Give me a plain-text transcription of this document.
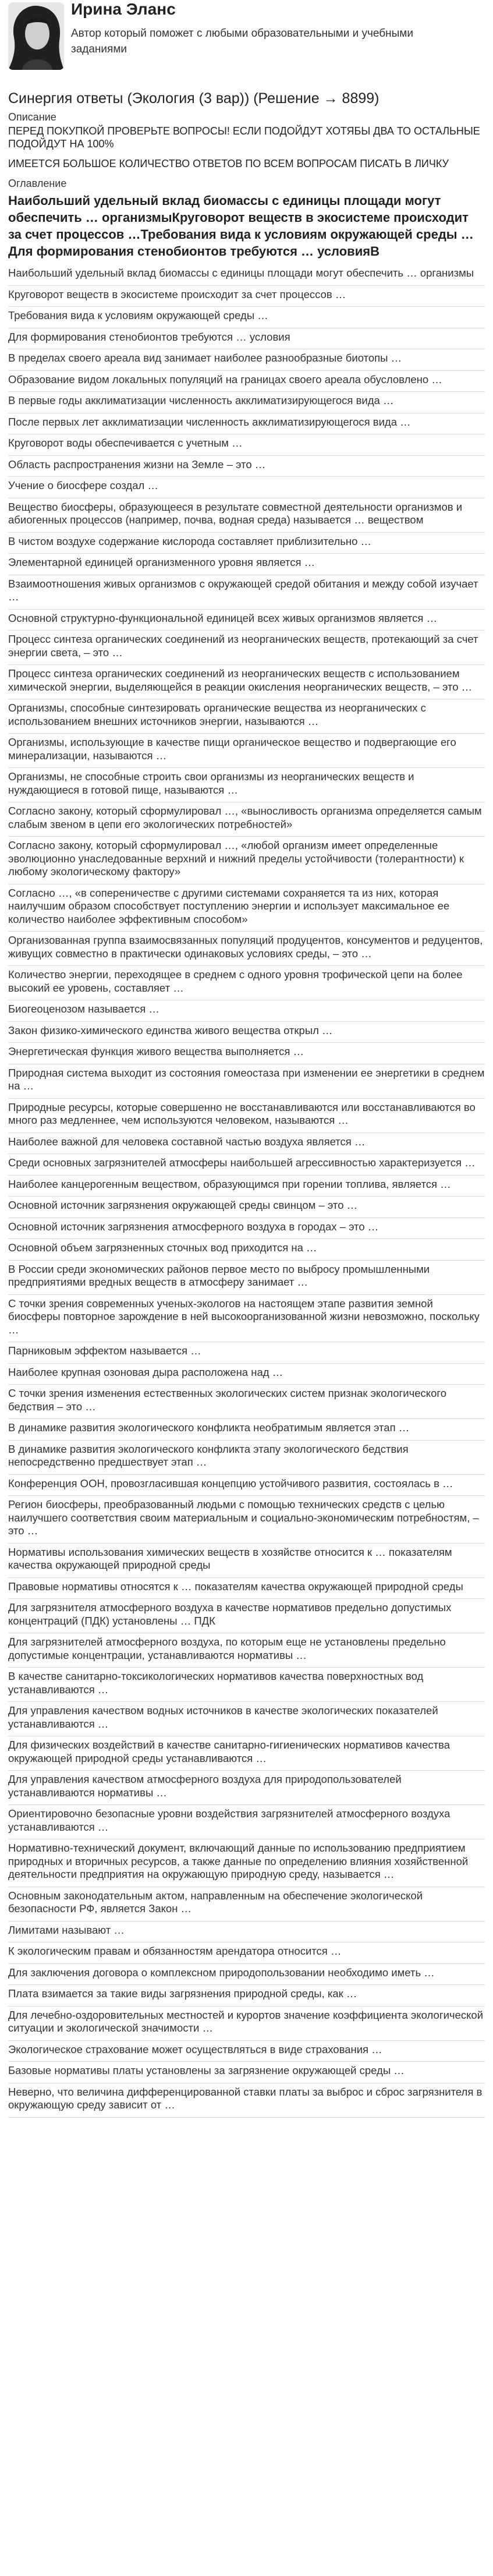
Ирина Эланс
Автор который поможет с любыми образовательными и учебными заданиями
Синергия ответы (Экология (3 вар)) (Решение → 8899)
Описание

ПЕРЕД ПОКУПКОЙ ПРОВЕРЬТЕ ВОПРОСЫ! ЕСЛИ ПОДОЙДУТ ХОТЯБЫ ДВА ТО ОСТАЛЬНЫЕ ПОДОЙДУТ НА 100%

ИМЕЕТСЯ БОЛЬШОЕ КОЛИЧЕСТВО ОТВЕТОВ ПО ВСЕМ ВОПРОСАМ ПИСАТЬ В ЛИЧКУ

Оглавление
Наибольший удельный вклад биомассы с единицы площади могут обеспечить … организмыКруговорот веществ в экосистеме происходит за счет процессов …Требования вида к условиям окружающей среды …Для формирования стенобионтов требуются … условияВ
Наибольший удельный вклад биомассы с единицы площади могут обеспечить … организмы
Круговорот веществ в экосистеме происходит за счет процессов …
Требования вида к условиям окружающей среды …
Для формирования стенобионтов требуются … условия
В пределах своего ареала вид занимает наиболее разнообразные биотопы …
Образование видом локальных популяций на границах своего ареала обусловлено …
В первые годы акклиматизации численность акклиматизирующегося вида …
После первых лет акклиматизации численность акклиматизирующегося вида …
Круговорот воды обеспечивается с учетным …
Область распространения жизни на Земле – это …
Учение о биосфере создал …
Вещество биосферы, образующееся в результате совместной деятельности организмов и абиогенных процессов (например, почва, водная среда) называется … веществом
В чистом воздухе содержание кислорода составляет приблизительно …
Элементарной единицей организменного уровня является …
Взаимоотношения живых организмов с окружающей средой обитания и между собой изучает …
Основной структурно-функциональной единицей всех живых организмов является …
Процесс синтеза органических соединений из неорганических веществ, протекающий за счет энергии света, – это …
Процесс синтеза органических соединений из неорганических веществ с использованием химической энергии, выделяющейся в реакции окисления неорганических веществ, – это …
Организмы, способные синтезировать органические вещества из неорганических с использованием внешних источников энергии, называются …
Организмы, использующие в качестве пищи органическое вещество и подвергающие его минерализации, называются …
Организмы, не способные строить свои организмы из неорганических веществ и нуждающиеся в готовой пище, называются …
Согласно закону, который сформулировал …, «выносливость организма определяется самым слабым звеном в цепи его экологических потребностей»
Согласно закону, который сформулировал …, «любой организм имеет определенные эволюционно унаследованные верхний и нижний пределы устойчивости (толерантности) к любому экологическому фактору»
Согласно …, «в сопереничестве с другими системами сохраняется та из них, которая наилучшим образом способствует поступлению энергии и использует максимальное ее количество наиболее эффективным способом»
Организованная группа взаимосвязанных популяций продуцентов, консументов и редуцентов, живущих совместно в практически одинаковых условиях среды, – это …
Количество энергии, переходящее в среднем с одного уровня трофической цепи на более высокий ее уровень, составляет …
Биогеоценозом называется …
Закон физико-химического единства живого вещества открыл …
Энергетическая функция живого вещества выполняется …
Природная система выходит из состояния гомеостаза при изменении ее энергетики в среднем на …
Природные ресурсы, которые совершенно не восстанавливаются или восстанавливаются во много раз медленнее, чем используются человеком, называются …
Наиболее важной для человека составной частью воздуха является …
Среди основных загрязнителей атмосферы наибольшей агрессивностью характеризуется …
Наиболее канцерогенным веществом, образующимся при горении топлива, является …
Основной источник загрязнения окружающей среды свинцом – это …
Основной источник загрязнения атмосферного воздуха в городах – это …
Основной объем загрязненных сточных вод приходится на …
В России среди экономических районов первое место по выбросу промышленными предприятиями вредных веществ в атмосферу занимает …
С точки зрения современных ученых-экологов на настоящем этапе развития земной биосферы повторное зарождение в ней высокоорганизованной жизни невозможно, поскольку …
Парниковым эффектом называется …
Наиболее крупная озоновая дыра расположена над …
С точки зрения изменения естественных экологических систем признак экологического бедствия – это …
В динамике развития экологического конфликта необратимым является этап …
В динамике развития экологического конфликта этапу экологического бедствия непосредственно предшествует этап …
Конференция ООН, провозгласившая концепцию устойчивого развития, состоялась в …
Регион биосферы, преобразованный людьми с помощью технических средств с целью наилучшего соответствия своим материальным и социально-экономическим потребностям, – это …
Нормативы использования химических веществ в хозяйстве относится к … показателям качества окружающей природной среды
Правовые нормативы относятся к … показателям качества окружающей природной среды
Для загрязнителя атмосферного воздуха в качестве нормативов предельно допустимых концентраций (ПДК) установлены … ПДК
Для загрязнителей атмосферного воздуха, по которым еще не установлены предельно допустимые концентрации, устанавливаются нормативы …
В качестве санитарно-токсикологических нормативов качества поверхностных вод устанавливаются …
Для управления качеством водных источников в качестве экологических показателей устанавливаются …
Для физических воздействий в качестве санитарно-гигиенических нормативов качества окружающей природной среды устанавливаются …
Для управления качеством атмосферного воздуха для природопользователей устанавливаются нормативы …
Ориентировочно безопасные уровни воздействия загрязнителей атмосферного воздуха устанавливаются …
Нормативно-технический документ, включающий данные по использованию предприятием природных и вторичных ресурсов, а также данные по определению влияния хозяйственной деятельности предприятия на окружающую природную среду, называется …
Основным законодательным актом, направленным на обеспечение экологической безопасности РФ, является Закон …
Лимитами называют …
К экологическим правам и обязанностям арендатора относится …
Для заключения договора о комплексном природопользовании необходимо иметь …
Плата взимается за такие виды загрязнения природной среды, как …
Для лечебно-оздоровительных местностей и курортов значение коэффициента экологической ситуации и экологической значимости …
Экологическое страхование может осуществляться в виде страхования …
Базовые нормативы платы установлены за загрязнение окружающей среды …
Неверно, что величина дифференцированной ставки платы за выброс и сброс загрязнителя в окружающую среду зависит от …
